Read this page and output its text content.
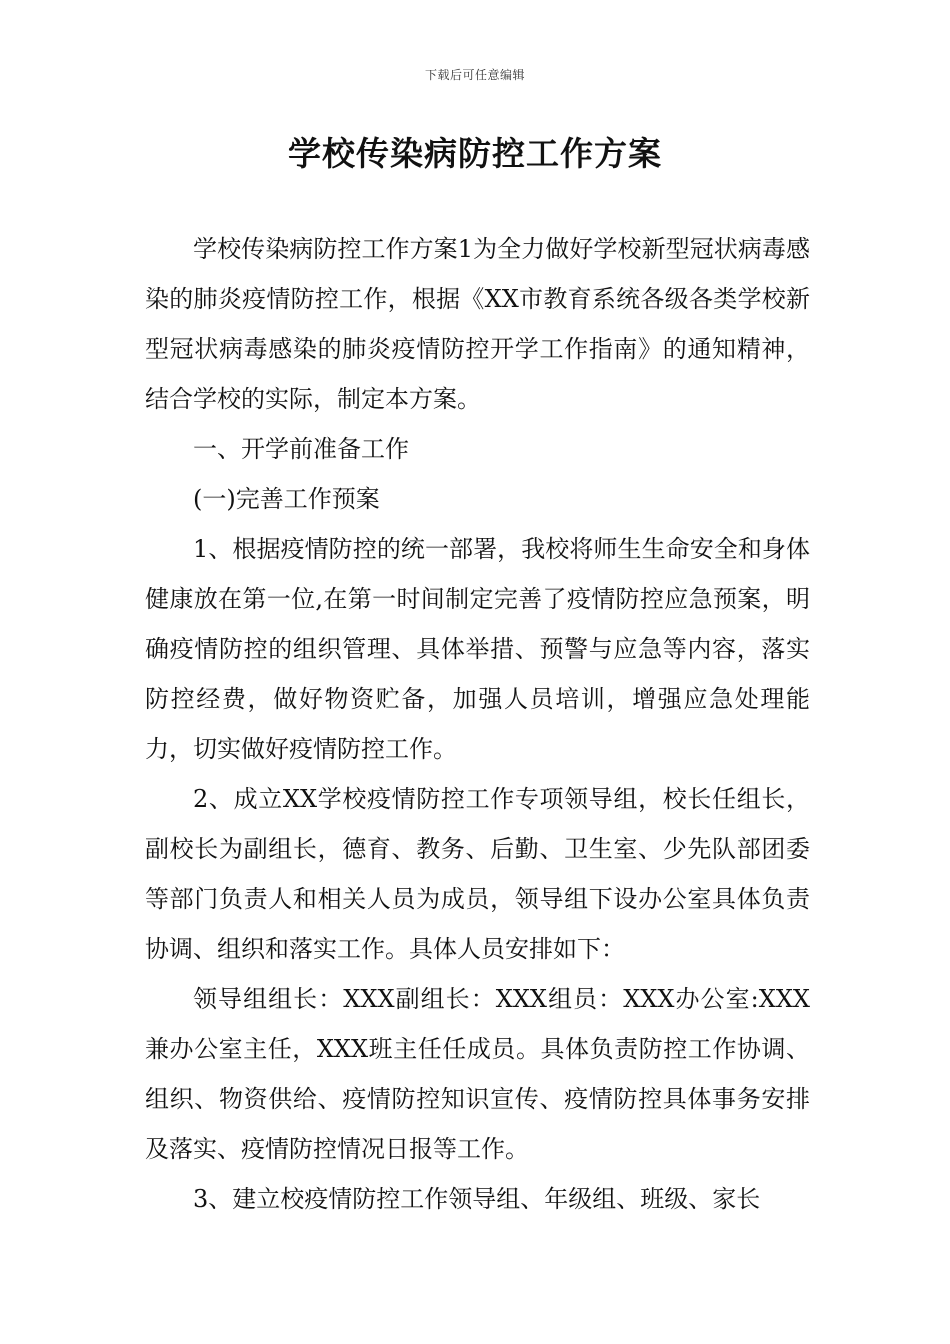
下载后可任意编辑
学校传染病防控工作方案

学校传染病防控工作方案1为全力做好学校新型冠状病毒感染的肺炎疫情防控工作，根据《XX市教育系统各级各类学校新型冠状病毒感染的肺炎疫情防控开学工作指南》的通知精神，结合学校的实际，制定本方案。

一、开学前准备工作

(一)完善工作预案

1、根据疫情防控的统一部署，我校将师生生命安全和身体健康放在第一位,在第一时间制定完善了疫情防控应急预案，明确疫情防控的组织管理、具体举措、预警与应急等内容，落实防控经费，做好物资贮备，加强人员培训，增强应急处理能力，切实做好疫情防控工作。

2、成立XX学校疫情防控工作专项领导组，校长任组长，副校长为副组长，德育、教务、后勤、卫生室、少先队部团委等部门负责人和相关人员为成员，领导组下设办公室具体负责协调、组织和落实工作。具体人员安排如下：

领导组组长：XXX副组长：XXX组员：XXX办公室:XXX兼办公室主任，XXX班主任任成员。具体负责防控工作协调、组织、物资供给、疫情防控知识宣传、疫情防控具体事务安排及落实、疫情防控情况日报等工作。

3、建立校疫情防控工作领导组、年级组、班级、家长
